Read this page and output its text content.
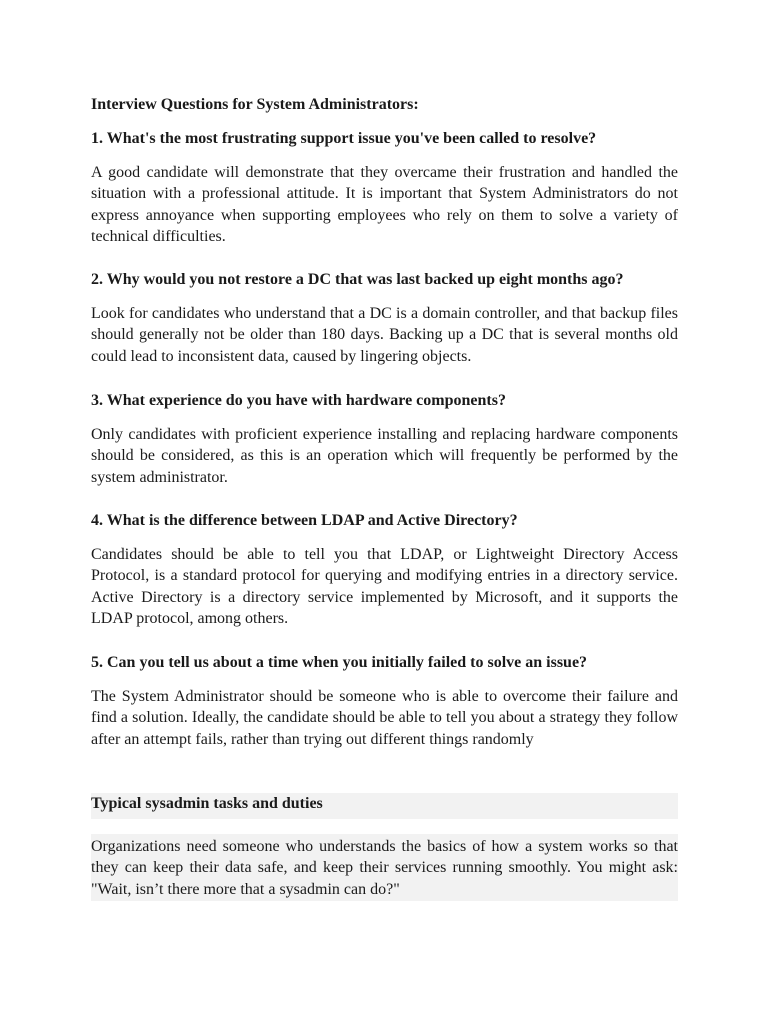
Interview Questions for System Administrators:
1. What's the most frustrating support issue you've been called to resolve?

A good candidate will demonstrate that they overcame their frustration and handled the situation with a professional attitude. It is important that System Administrators do not express annoyance when supporting employees who rely on them to solve a variety of technical difficulties.

2. Why would you not restore a DC that was last backed up eight months ago?

Look for candidates who understand that a DC is a domain controller, and that backup files should generally not be older than 180 days. Backing up a DC that is several months old could lead to inconsistent data, caused by lingering objects.

3. What experience do you have with hardware components?

Only candidates with proficient experience installing and replacing hardware components should be considered, as this is an operation which will frequently be performed by the system administrator.

4. What is the difference between LDAP and Active Directory?

Candidates should be able to tell you that LDAP, or Lightweight Directory Access Protocol, is a standard protocol for querying and modifying entries in a directory service. Active Directory is a directory service implemented by Microsoft, and it supports the LDAP protocol, among others.

5. Can you tell us about a time when you initially failed to solve an issue?

The System Administrator should be someone who is able to overcome their failure and find a solution. Ideally, the candidate should be able to tell you about a strategy they follow after an attempt fails, rather than trying out different things randomly

Typical sysadmin tasks and duties

Organizations need someone who understands the basics of how a system works so that they can keep their data safe, and keep their services running smoothly. You might ask: "Wait, isn’t there more that a sysadmin can do?"
